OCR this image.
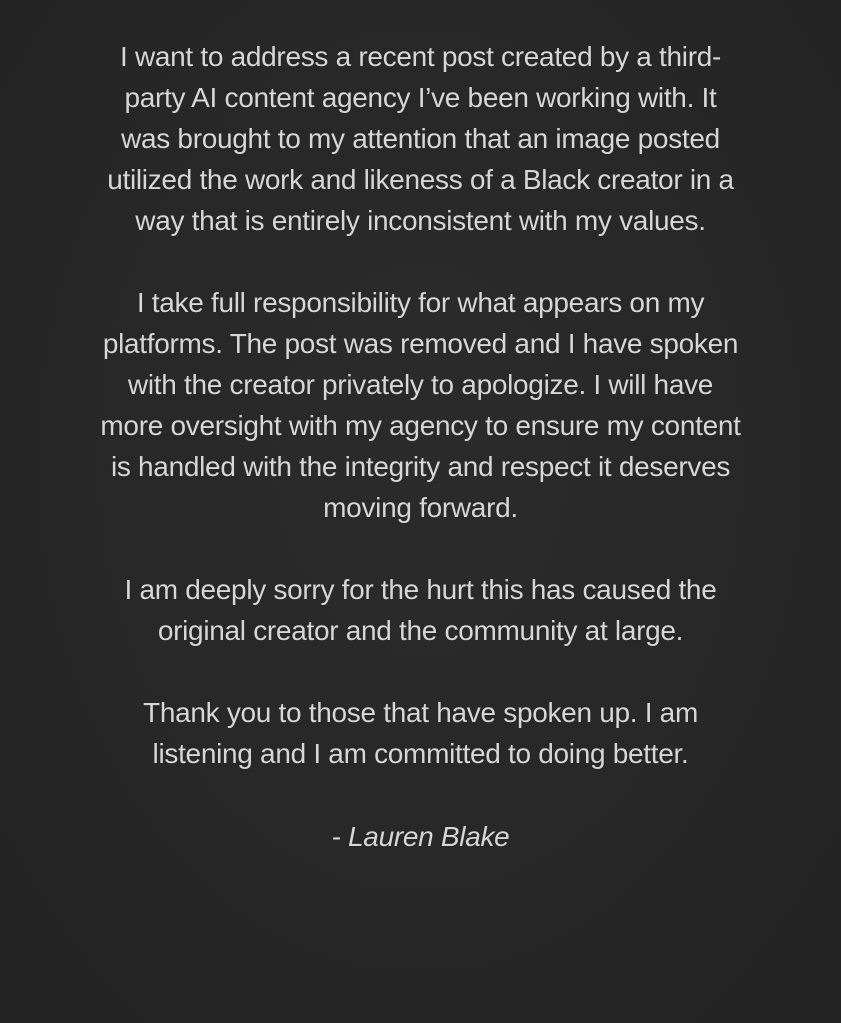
I want to address a recent post created by a third-party AI content agency I’ve been working with. It was brought to my attention that an image posted utilized the work and likeness of a Black creator in a way that is entirely inconsistent with my values.

I take full responsibility for what appears on my platforms. The post was removed and I have spoken with the creator privately to apologize. I will have more oversight with my agency to ensure my content is handled with the integrity and respect it deserves moving forward.

I am deeply sorry for the hurt this has caused the original creator and the community at large.

Thank you to those that have spoken up. I am listening and I am committed to doing better.

- Lauren Blake
